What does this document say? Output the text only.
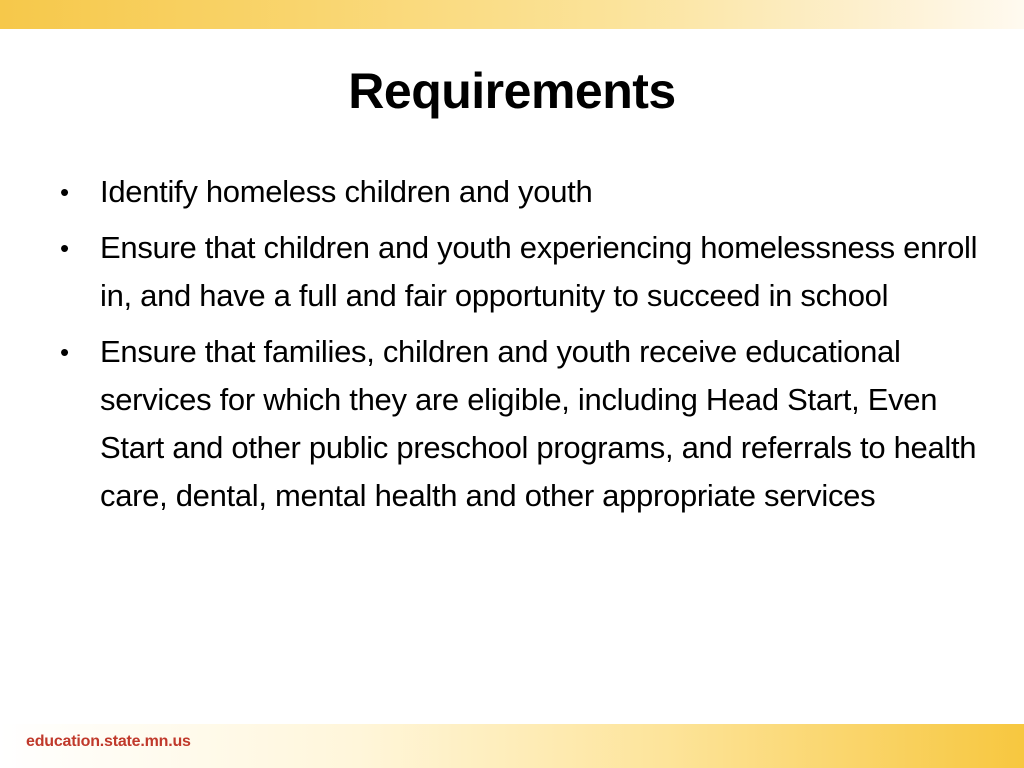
Requirements
•	Identify homeless children and youth
•	Ensure that children and youth experiencing homelessness enroll in, and have a full and fair opportunity to succeed in school
•	Ensure that families, children and youth receive educational services for which they are eligible, including Head Start, Even Start and other public preschool programs, and referrals to health care, dental, mental health and other appropriate services
education.state.mn.us
